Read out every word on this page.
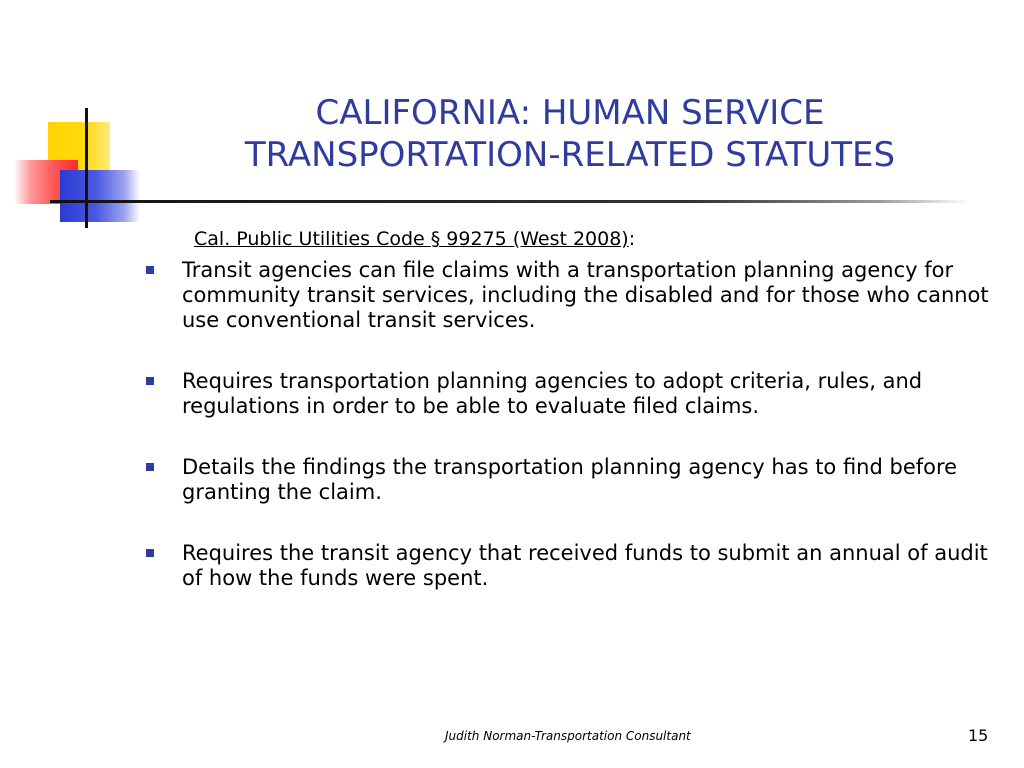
CALIFORNIA: HUMAN SERVICE
TRANSPORTATION-RELATED STATUTES
Cal. Public Utilities Code § 99275 (West 2008):
Transit agencies can file claims with a transportation planning agency for community transit services, including the disabled and for those who cannot use conventional transit services.
Requires transportation planning agencies to adopt criteria, rules, and regulations in order to be able to evaluate filed claims.
Details the findings the transportation planning agency has to find before granting the claim.
Requires the transit agency that received funds to submit an annual of audit of how the funds were spent.
Judith Norman-Transportation Consultant	15
